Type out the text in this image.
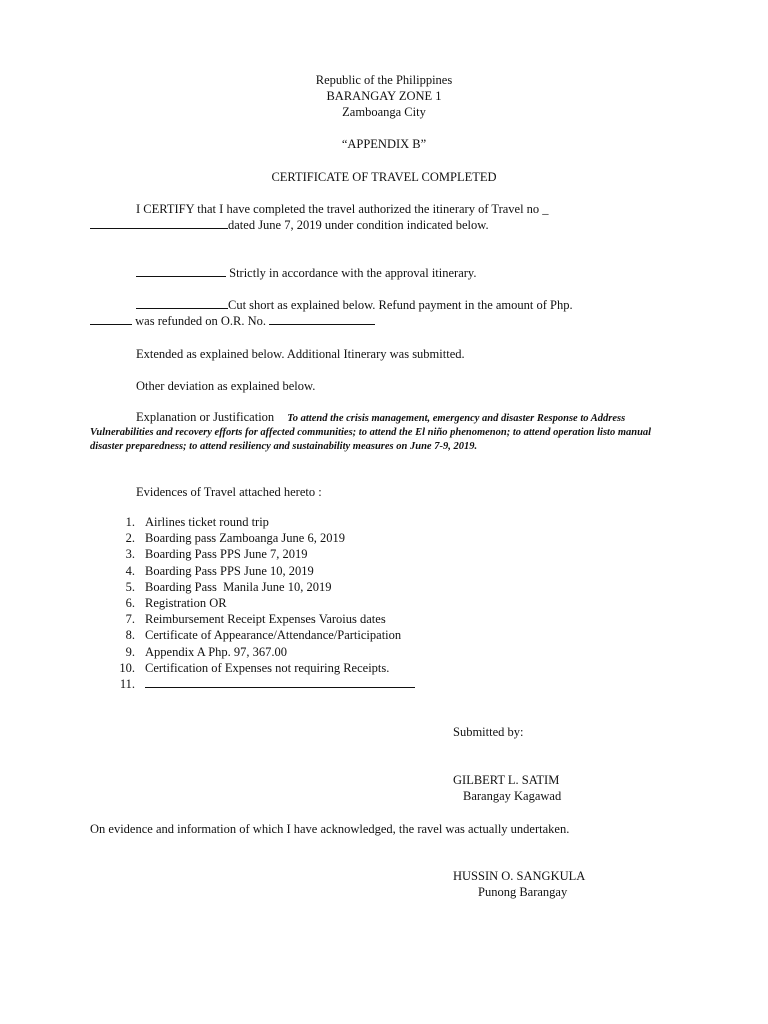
Republic of the Philippines
BARANGAY ZONE 1
Zamboanga City
“APPENDIX B”
CERTIFICATE OF TRAVEL COMPLETED
I CERTIFY that I have completed the travel authorized the itinerary of Travel no _
dated June 7, 2019 under condition indicated below.
Strictly in accordance with the approval itinerary.
Cut short as explained below. Refund payment in the amount of Php.
was refunded on O.R. No.
Extended as explained below. Additional Itinerary was submitted.
Other deviation as explained below.
Explanation or Justification To attend the crisis management, emergency and disaster Response to Address Vulnerabilities and recovery efforts for affected communities; to attend the El niño phenomenon; to attend operation listo manual disaster preparedness; to attend resiliency and sustainability measures on June 7-9, 2019.
Evidences of Travel attached hereto :
1. Airlines ticket round trip
2. Boarding pass Zamboanga June 6, 2019
3. Boarding Pass PPS June 7, 2019
4. Boarding Pass PPS June 10, 2019
5. Boarding Pass  Manila June 10, 2019
6. Registration OR
7. Reimbursement Receipt Expenses Varoius dates
8. Certificate of Appearance/Attendance/Participation
9. Appendix A Php. 97, 367.00
10. Certification of Expenses not requiring Receipts.
11.
Submitted by:
GILBERT L. SATIM
Barangay Kagawad
On evidence and information of which I have acknowledged, the ravel was actually undertaken.
HUSSIN O. SANGKULA
Punong Barangay
